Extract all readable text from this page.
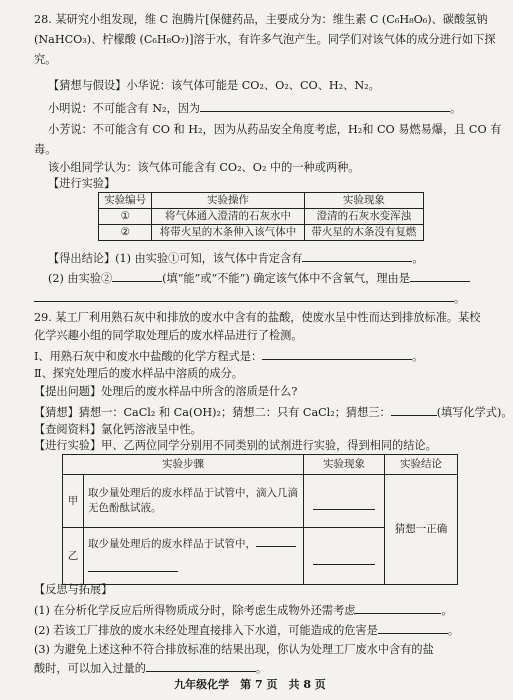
28. 某研究小组发现，维 C 泡腾片[保健药品，主要成分为：维生素 C (C₆H₈O₆)、碳酸氢钠
(NaHCO₃)、柠檬酸 (C₆H₈O₇)]溶于水，有许多气泡产生。同学们对该气体的成分进行如下探
究。
【猜想与假设】小华说：该气体可能是 CO₂、O₂、CO、H₂、N₂。
小明说：不可能含有 N₂，因为	。
小芳说：不可能含有 CO 和 H₂，因为从药品安全角度考虑，H₂和 CO 易燃易爆，且 CO 有
毒。
该小组同学认为：该气体可能含有 CO₂、O₂ 中的一种或两种。
【进行实验】
实验编号	实验操作	实验现象
①	将气体通入澄清的石灰水中	澄清的石灰水变浑浊
②	将带火星的木条伸入该气体中	带火星的木条没有复燃
【得出结论】(1) 由实验①可知，该气体中肯定含有	。
(2) 由实验②	(填“能”或“不能”) 确定该气体中不含氧气，理由是
。
29. 某工厂利用熟石灰中和排放的废水中含有的盐酸，使废水呈中性而达到排放标准。某校
化学兴趣小组的同学取处理后的废水样品进行了检测。
Ⅰ、用熟石灰中和废水中盐酸的化学方程式是：	。
Ⅱ、探究处理后的废水样品中溶质的成分。
【提出问题】处理后的废水样品中所含的溶质是什么?
【猜想】猜想一：CaCl₂ 和 Ca(OH)₂；猜想二：只有 CaCl₂；猜想三：	(填写化学式)。
【查阅资料】氯化钙溶液呈中性。
【进行实验】甲、乙两位同学分别用不同类别的试剂进行实验，得到相同的结论。
实验步骤		实验现象	实验结论
甲	取少量处理后的废水样品于试管中，滴入几滴无色酚酞试液。		猜想一正确
乙	取少量处理后的废水样品于试管中，	

【反思与拓展】
(1) 在分析化学反应后所得物质成分时，除考虑生成物外还需考虑	。
(2) 若该工厂排放的废水未经处理直接排入下水道，可能造成的危害是	。
(3) 为避免上述这种不符合排放标准的结果出现，你认为处理工厂废水中含有的盐
酸时，可以加入过量的	。
九年级化学　第 7 页　共 8 页
